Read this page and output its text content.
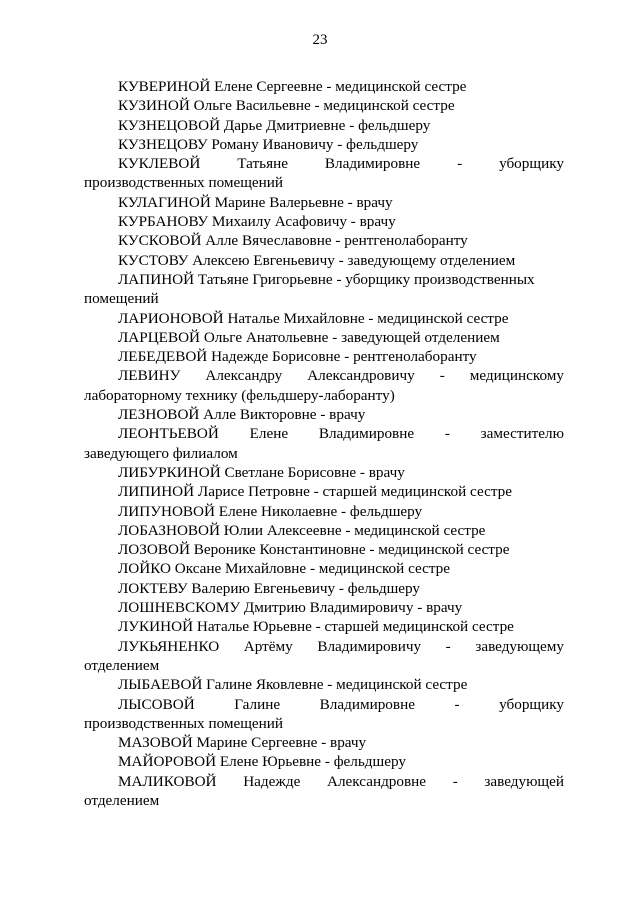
23
КУВЕРИНОЙ Елене Сергеевне - медицинской сестре
КУЗИНОЙ Ольге Васильевне - медицинской сестре
КУЗНЕЦОВОЙ Дарье Дмитриевне - фельдшеру
КУЗНЕЦОВУ Роману Ивановичу - фельдшеру
КУКЛЕВОЙ Татьяне Владимировне - уборщику
производственных помещений
КУЛАГИНОЙ Марине Валерьевне - врачу
КУРБАНОВУ Михаилу Асафовичу - врачу
КУСКОВОЙ Алле Вячеславовне - рентгенолаборанту
КУСТОВУ Алексею Евгеньевичу - заведующему отделением
ЛАПИНОЙ Татьяне Григорьевне - уборщику производственных
помещений
ЛАРИОНОВОЙ Наталье Михайловне - медицинской сестре
ЛАРЦЕВОЙ Ольге Анатольевне - заведующей отделением
ЛЕБЕДЕВОЙ Надежде Борисовне - рентгенолаборанту
ЛЕВИНУ Александру Александровичу - медицинскому
лабораторному технику (фельдшеру-лаборанту)
ЛЕЗНОВОЙ Алле Викторовне - врачу
ЛЕОНТЬЕВОЙ Елене Владимировне - заместителю
заведующего филиалом
ЛИБУРКИНОЙ Светлане Борисовне - врачу
ЛИПИНОЙ Ларисе Петровне - старшей медицинской сестре
ЛИПУНОВОЙ Елене Николаевне - фельдшеру
ЛОБАЗНОВОЙ Юлии Алексеевне - медицинской сестре
ЛОЗОВОЙ Веронике Константиновне - медицинской сестре
ЛОЙКО Оксане Михайловне - медицинской сестре
ЛОКТЕВУ Валерию Евгеньевичу - фельдшеру
ЛОШНЕВСКОМУ Дмитрию Владимировичу - врачу
ЛУКИНОЙ Наталье Юрьевне - старшей медицинской сестре
ЛУКЬЯНЕНКО Артёму Владимировичу - заведующему
отделением
ЛЫБАЕВОЙ Галине Яковлевне - медицинской сестре
ЛЫСОВОЙ	Галине	Владимировне	-	уборщику
производственных помещений
МАЗОВОЙ Марине Сергеевне - врачу
МАЙОРОВОЙ Елене Юрьевне - фельдшеру
МАЛИКОВОЙ Надежде Александровне - заведующей
отделением
